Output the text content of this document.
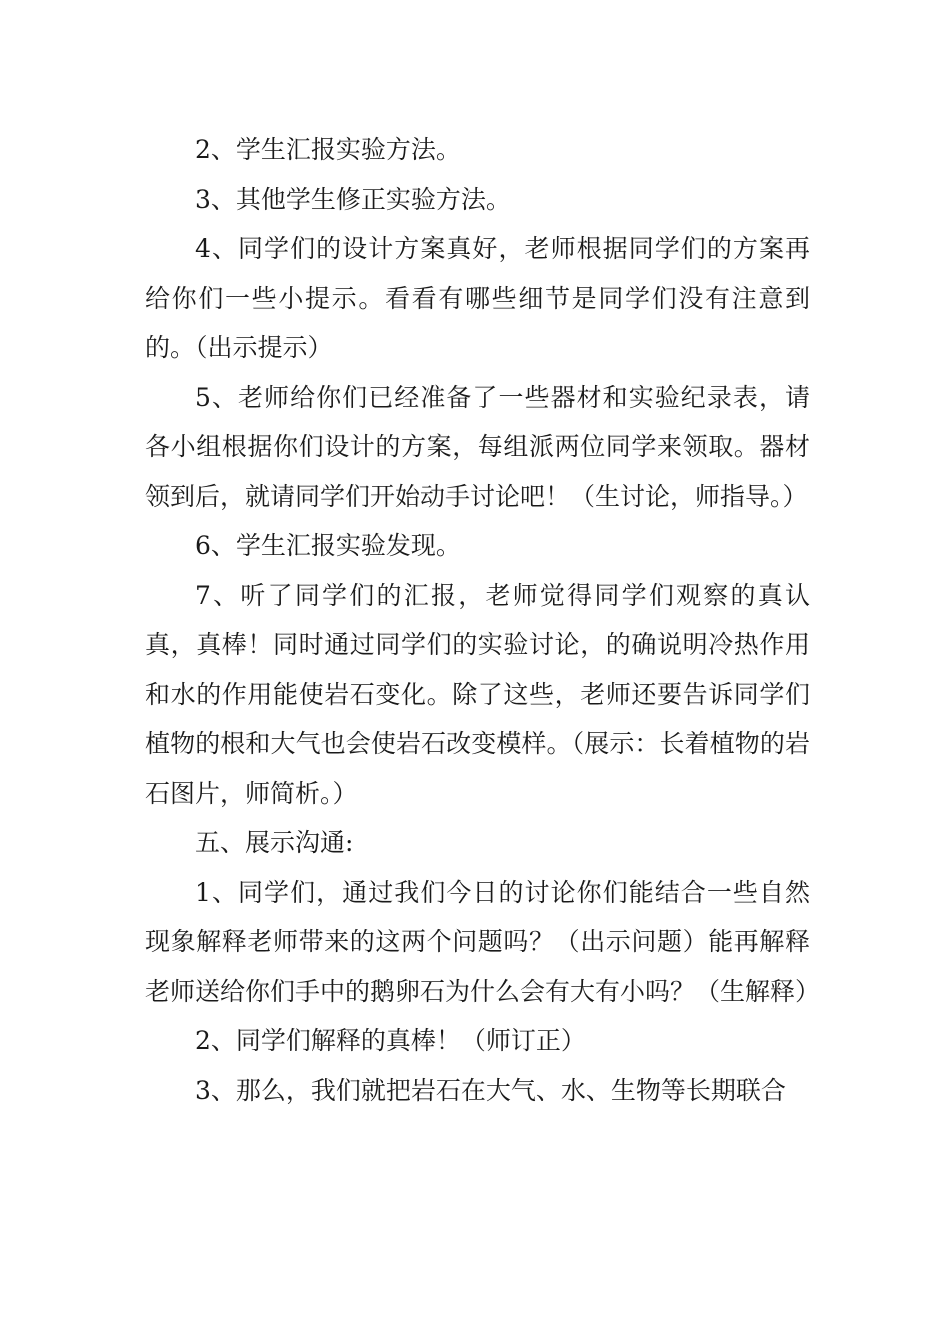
2、学生汇报实验方法。

3、其他学生修正实验方法。

4、同学们的设计方案真好，老师根据同学们的方案再给你们一些小提示。看看有哪些细节是同学们没有注意到的。（出示提示）

5、老师给你们已经准备了一些器材和实验纪录表，请各小组根据你们设计的方案，每组派两位同学来领取。器材领到后，就请同学们开始动手讨论吧！（生讨论，师指导。）

6、学生汇报实验发现。

7、听了同学们的汇报，老师觉得同学们观察的真认真，真棒！同时通过同学们的实验讨论，的确说明冷热作用和水的作用能使岩石变化。除了这些，老师还要告诉同学们植物的根和大气也会使岩石改变模样。（展示：长着植物的岩石图片，师简析。）

五、展示沟通:

1、同学们，通过我们今日的讨论你们能结合一些自然现象解释老师带来的这两个问题吗？（出示问题）能再解释老师送给你们手中的鹅卵石为什么会有大有小吗？（生解释）

2、同学们解释的真棒！（师订正）

3、那么，我们就把岩石在大气、水、生物等长期联合
